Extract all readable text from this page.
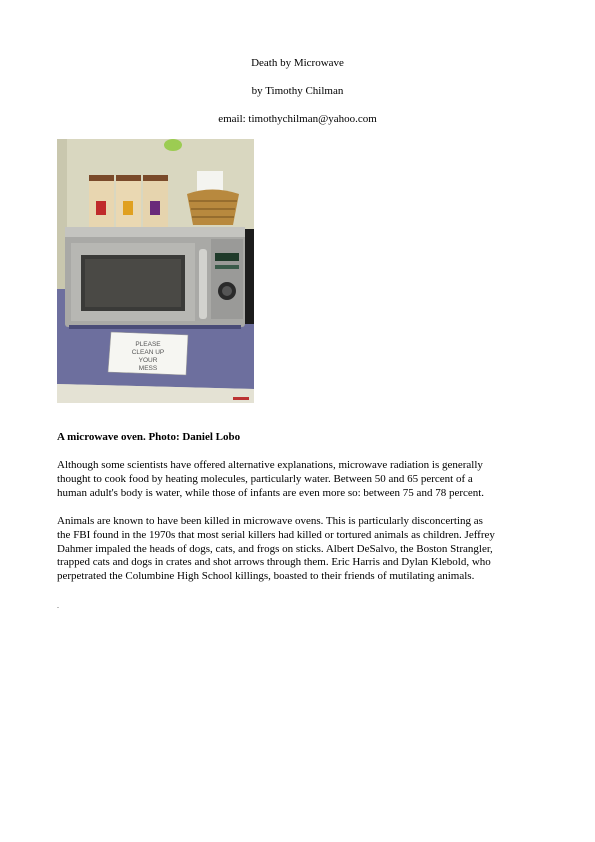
Death by Microwave
by Timothy Chilman
email: timothychilman@yahoo.com
PLEASE
CLEAN UP
YOUR
MESS
A microwave oven. Photo: Daniel Lobo
Although some scientists have offered alternative explanations, microwave radiation is generally
thought to cook food by heating molecules, particularly water. Between 50 and 65 percent of a
human adult's body is water, while those of infants are even more so: between 75 and 78 percent.
Animals are known to have been killed in microwave ovens. This is particularly disconcerting as
the FBI found in the 1970s that most serial killers had killed or tortured animals as children. Jeffrey
Dahmer impaled the heads of dogs, cats, and frogs on sticks. Albert DeSalvo, the Boston Strangler,
trapped cats and dogs in crates and shot arrows through them. Eric Harris and Dylan Klebold, who
perpetrated the Columbine High School killings, boasted to their friends of mutilating animals.
.
